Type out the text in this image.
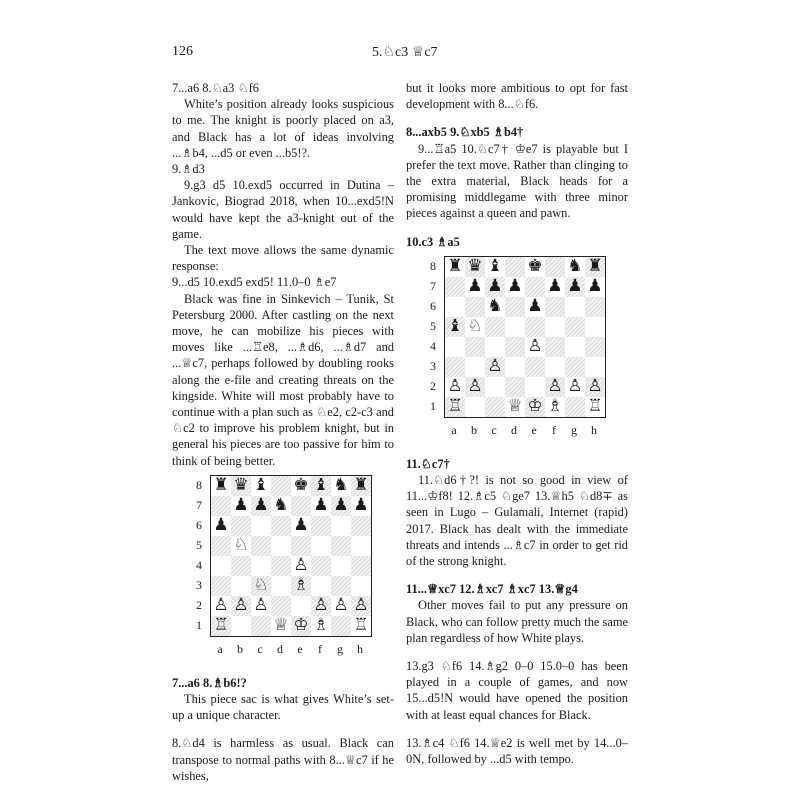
126	5.♘c3 ♕c7

7...a6 8.♘a3 ♘f6

White’s position already looks suspicious to me. The knight is poorly placed on a3, and Black has a lot of ideas involving ...♗b4, ...d5 or even ...b5!?.

9.♗d3

9.g3 d5 10.exd5 occurred in Dutina – Jankovic, Biograd 2018, when 10...exd5!N would have kept the a3-knight out of the game.

The text move allows the same dynamic response:

9...d5 10.exd5 exd5! 11.0–0 ♗e7

Black was fine in Sinkevich – Tunik, St Petersburg 2000. After castling on the next move, he can mobilize his pieces with moves like ...♖e8, ...♗d6, ...♗d7 and ...♕c7, perhaps followed by doubling rooks along the e-file and creating threats on the kingside. White will most probably have to continue with a plan such as ♘e2, c2-c3 and ♘c2 to improve his problem knight, but in general his pieces are too passive for him to think of being better.

8
7
6
5
4
3
2
1
♜ ♛ ♝ ♚ ♝ ♞ ♜
♟ ♟ ♞ ♟ ♟ ♟
♟	♟
♘
♙
♘ ♗
♙ ♙ ♙	♙ ♙ ♙
♖	♕ ♔ ♗ ♖
a	b	c	d	e	f	g	h

7...a6 8.♗b6!?

This piece sac is what gives White’s set-up a unique character.

8.♘d4 is harmless as usual. Black can transpose to normal paths with 8...♕c7 if he wishes,

but it looks more ambitious to opt for fast development with 8...♘f6.

8...axb5 9.♘xb5 ♗b4†

9...♖a5 10.♘c7† ♔e7 is playable but I prefer the text move. Rather than clinging to the extra material, Black heads for a promising middlegame with three minor pieces against a queen and pawn.

10.c3 ♗a5

8
7
6
5
4
3
2
1
♜ ♛ ♝ ♚ ♞ ♜
♟ ♟ ♟ ♟ ♟ ♟
♞ ♟
♝ ♘
♙
♙
♙ ♙	♙ ♙ ♙
♖	♕ ♔ ♗ ♖
a	b	c	d	e	f	g	h

11.♘c7†

11.♘d6†?! is not so good in view of 11...♔f8! 12.♗c5 ♘ge7 13.♕h5 ♘d8∓ as seen in Lugo – Gulamali, Internet (rapid) 2017. Black has dealt with the immediate threats and intends ...♗c7 in order to get rid of the strong knight.

11...♕xc7 12.♗xc7 ♗xc7 13.♕g4

Other moves fail to put any pressure on Black, who can follow pretty much the same plan regardless of how White plays.

13.g3 ♘f6 14.♗g2 0–0 15.0–0 has been played in a couple of games, and now 15...d5!N would have opened the position with at least equal chances for Black.

13.♗c4 ♘f6 14.♕e2 is well met by 14...0–0N, followed by ...d5 with tempo.
